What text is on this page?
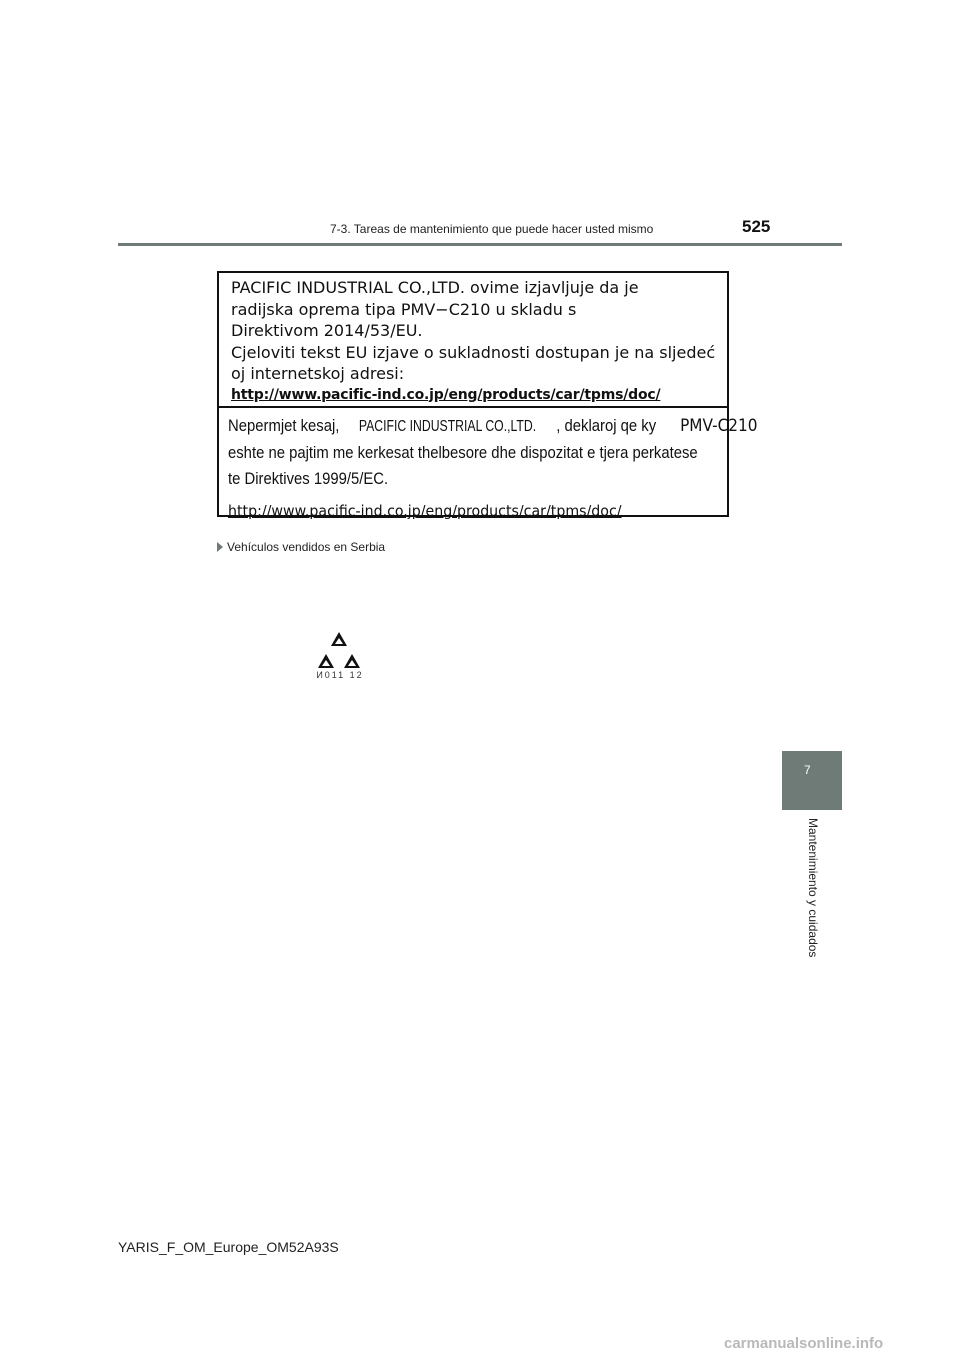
7-3. Tareas de mantenimiento que puede hacer usted mismo	525
PACIFIC INDUSTRIAL CO.,LTD. ovime izjavljuje da je
radijska oprema tipa PMV−C210 u skladu s
Direktivom 2014/53/EU.
Cjeloviti tekst EU izjave o sukladnosti dostupan je na sljedeć
oj internetskoj adresi:
http://www.pacific-ind.co.jp/eng/products/car/tpms/doc/
Nepermjet kesaj, PACIFIC INDUSTRIAL CO.,LTD. , deklaroj qe ky PMV-C210
eshte ne pajtim me kerkesat thelbesore dhe dispozitat e tjera perkatese
te Direktives 1999/5/EC.
http://www.pacific-ind.co.jp/eng/products/car/tpms/doc/
Vehículos vendidos en Serbia
И011 12
7
Mantenimiento y cuidados
YARIS_F_OM_Europe_OM52A93S
carmanualsonline.info
